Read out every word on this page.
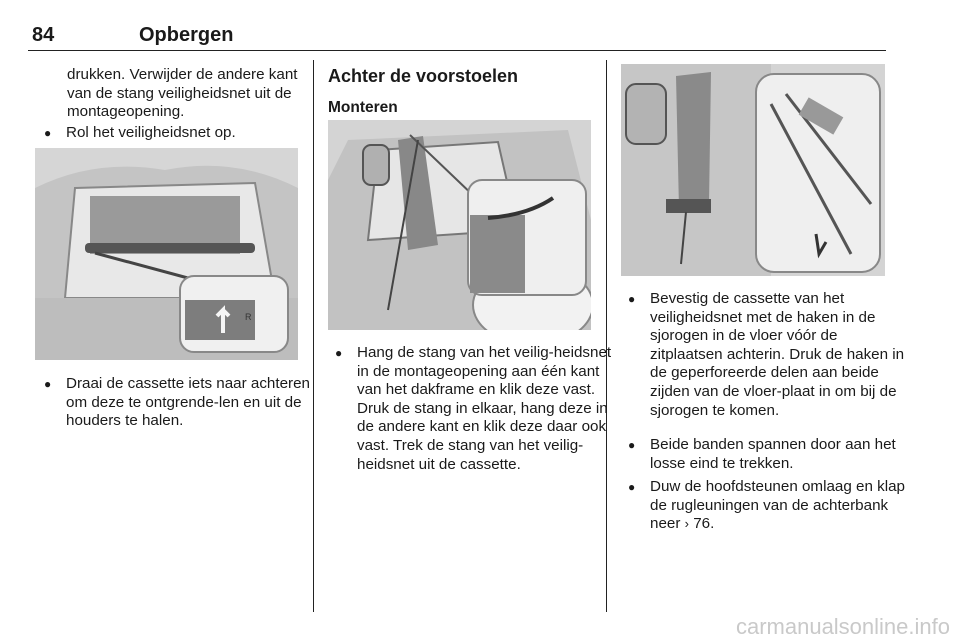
84	Opbergen
drukken. Verwijder de andere kant van de stang veiligheidsnet uit de montageopening.
● Rol het veiligheidsnet op.
R
● Draai de cassette iets naar achteren om deze te ontgrende-len en uit de houders te halen.
Achter de voorstoelen
Monteren
● Hang de stang van het veilig-heidsnet in de montageopening aan één kant van het dakframe en klik deze vast. Druk de stang in elkaar, hang deze in de andere kant en klik deze daar ook vast. Trek de stang van het veilig-heidsnet uit de cassette.
● Bevestig de cassette van het veiligheidsnet met de haken in de sjorogen in de vloer vóór de zitplaatsen achterin. Druk de haken in de geperforeerde delen aan beide zijden van de vloer-plaat in om bij de sjorogen te komen.
● Beide banden spannen door aan het losse eind te trekken.
● Duw de hoofdsteunen omlaag en klap de rugleuningen van de achterbank neer › 76.
carmanualsonline.info
